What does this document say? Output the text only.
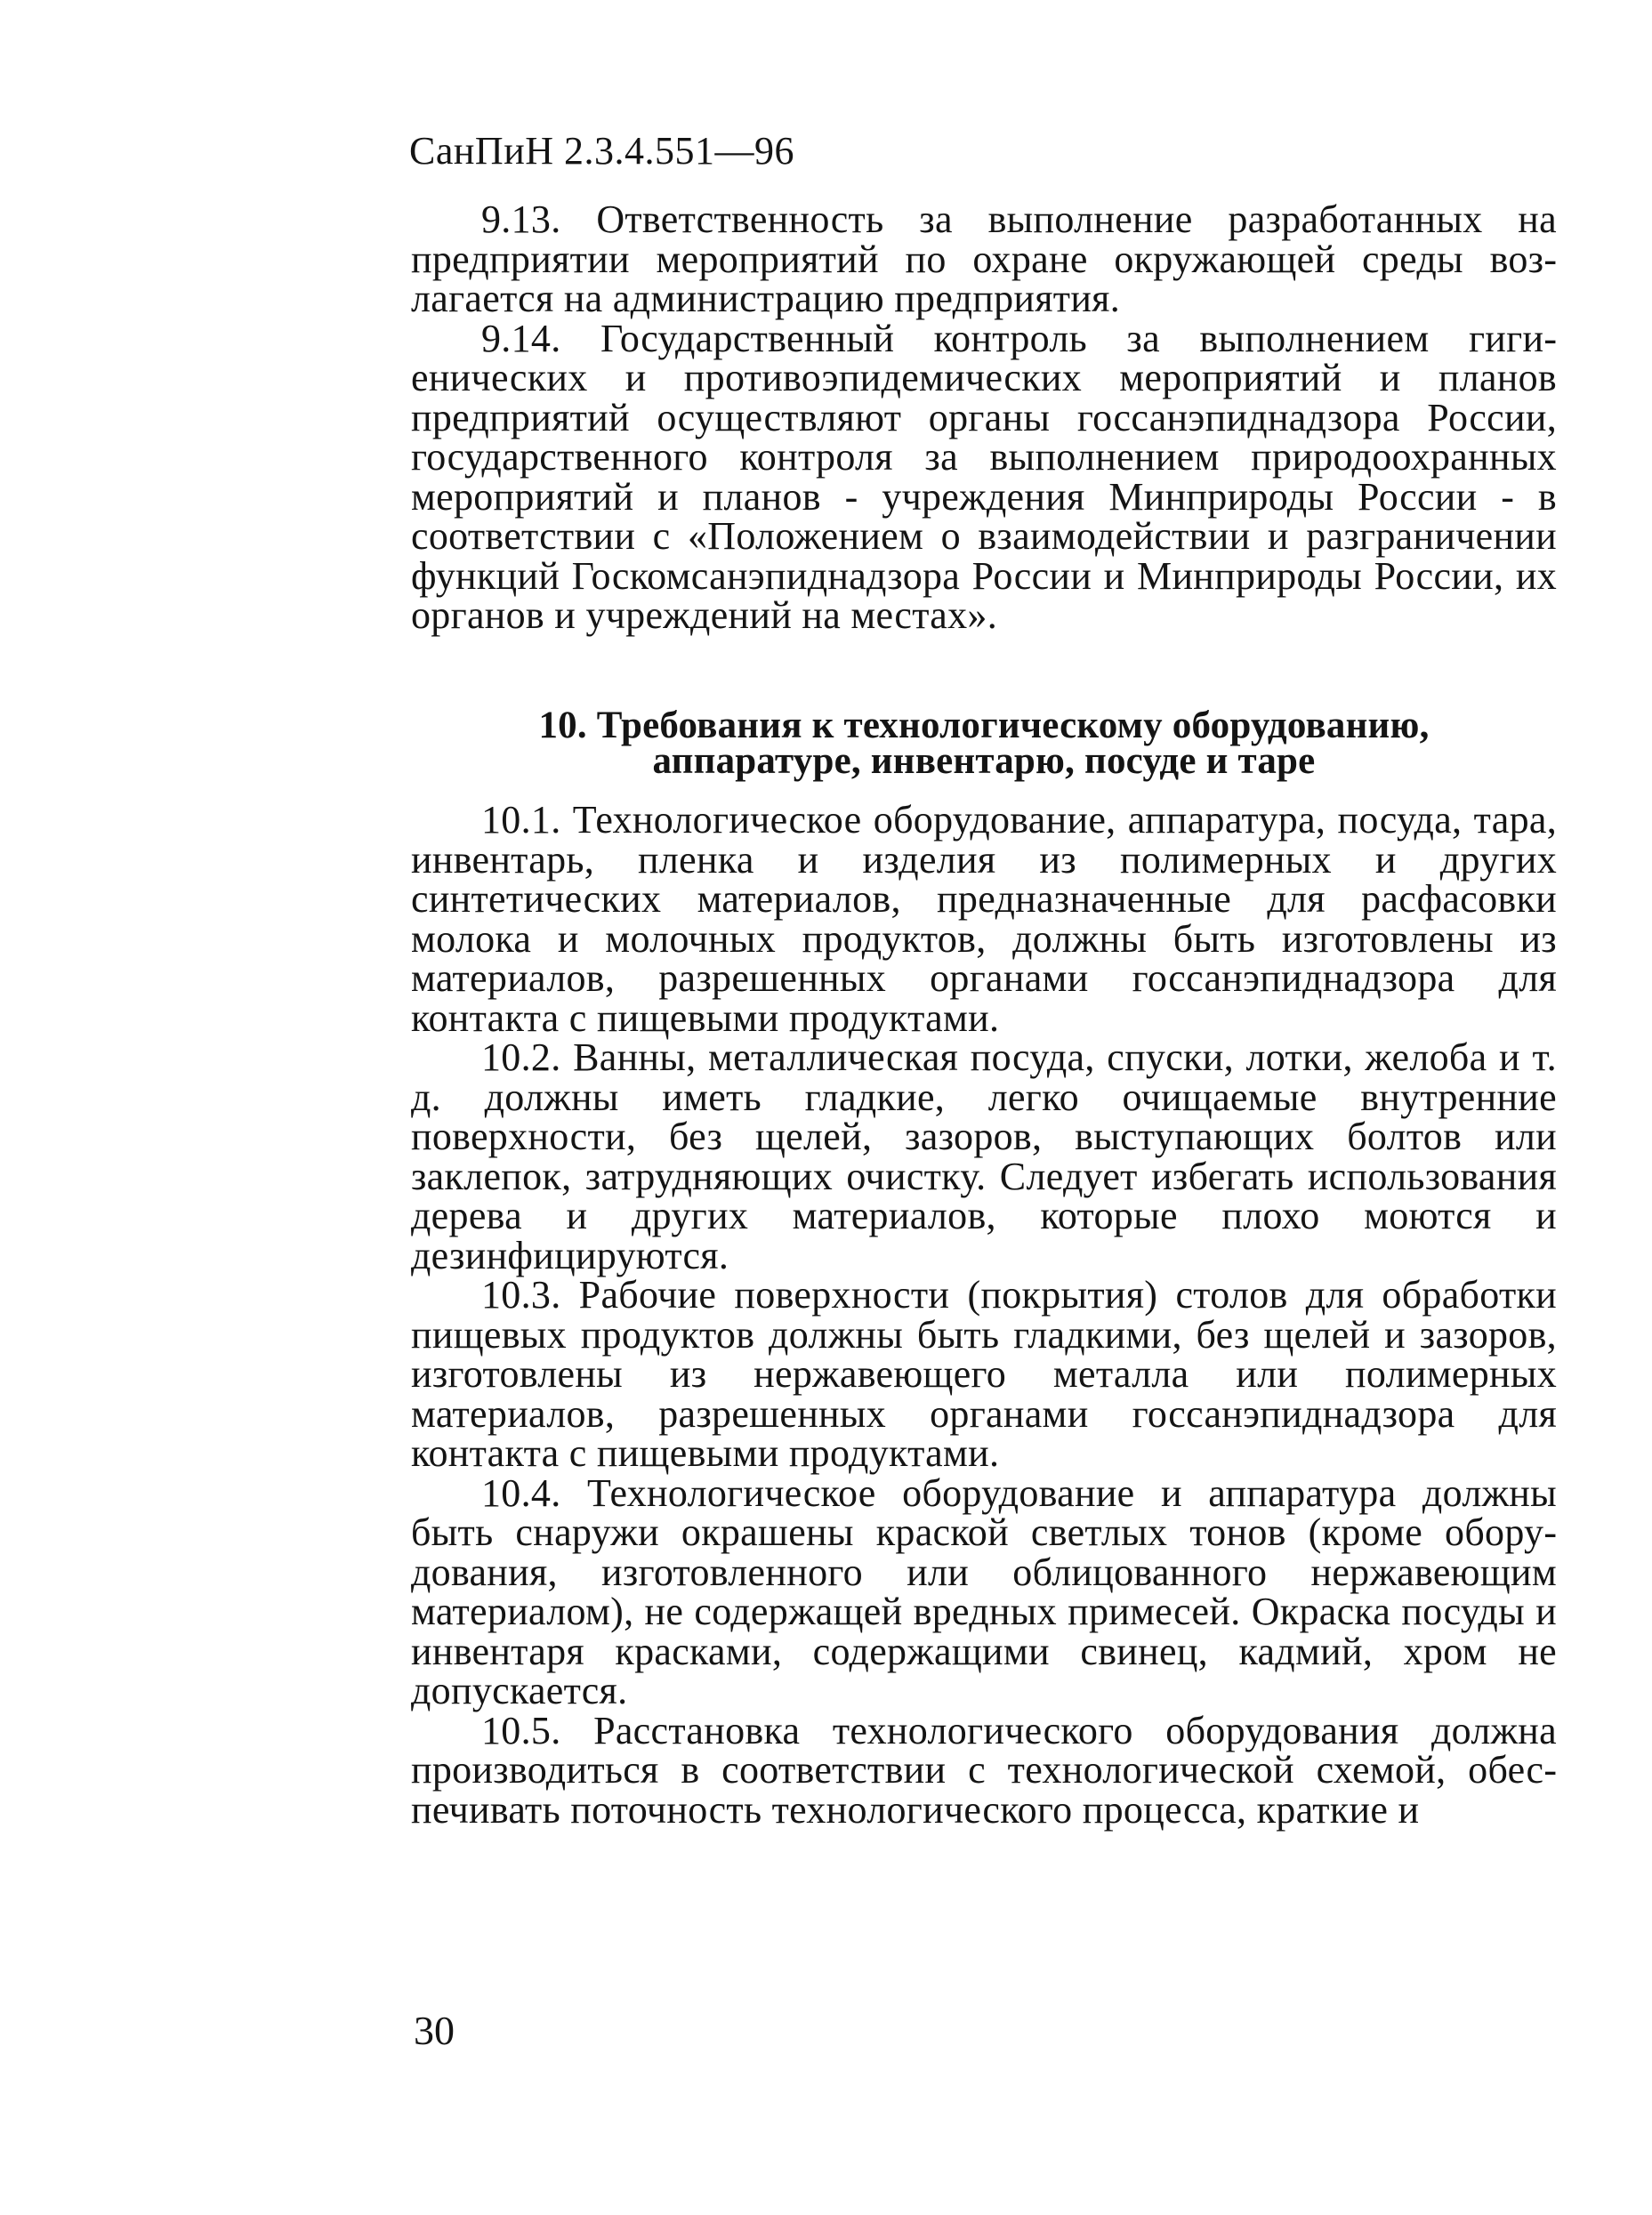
СанПиН 2.3.4.551—96

9.13. Ответственность за выполнение разработанных на предприятии мероприятий по охране окружающей среды возлагается на администрацию предприятия.

9.14. Государственный контроль за выполнением гигиенических и противоэпидемических мероприятий и планов предприятий осуществляют органы госсанэпиднадзора России, государственного контроля за выполнением природоохранных мероприятий и планов - учреждения Минприроды России - в соответствии с «Положением о взаимодействии и разграничении функций Госкомсанэпиднадзора России и Минприроды России, их органов и учреждений на местах».

10. Требования к технологическому оборудованию,
аппаратуре, инвентарю, посуде и таре

10.1. Технологическое оборудование, аппаратура, посуда, тара, инвентарь, пленка и изделия из полимерных и других синтетических материалов, предназначенные для расфасовки молока и молочных продуктов, должны быть изготовлены из материалов, разрешенных органами госсанэпиднадзора для контакта с пищевыми продуктами.

10.2. Ванны, металлическая посуда, спуски, лотки, желоба и т. д. должны иметь гладкие, легко очищаемые внутренние поверхности, без щелей, зазоров, выступающих болтов или заклепок, затрудняющих очистку. Следует избегать использования дерева и других материалов, которые плохо моются и дезинфицируются.

10.3. Рабочие поверхности (покрытия) столов для обработки пищевых продуктов должны быть гладкими, без щелей и зазоров, изготовлены из нержавеющего металла или полимерных материалов, разрешенных органами госсанэпиднадзора для контакта с пищевыми продуктами.

10.4. Технологическое оборудование и аппаратура должны быть снаружи окрашены краской светлых тонов (кроме оборудования, изготовленного или облицованного нержавеющим материалом), не содержащей вредных примесей. Окраска посуды и инвентаря красками, содержащими свинец, кадмий, хром не допускается.

10.5. Расстановка технологического оборудования должна производиться в соответствии с технологической схемой, обеспечивать поточность технологического процесса, краткие и

30
